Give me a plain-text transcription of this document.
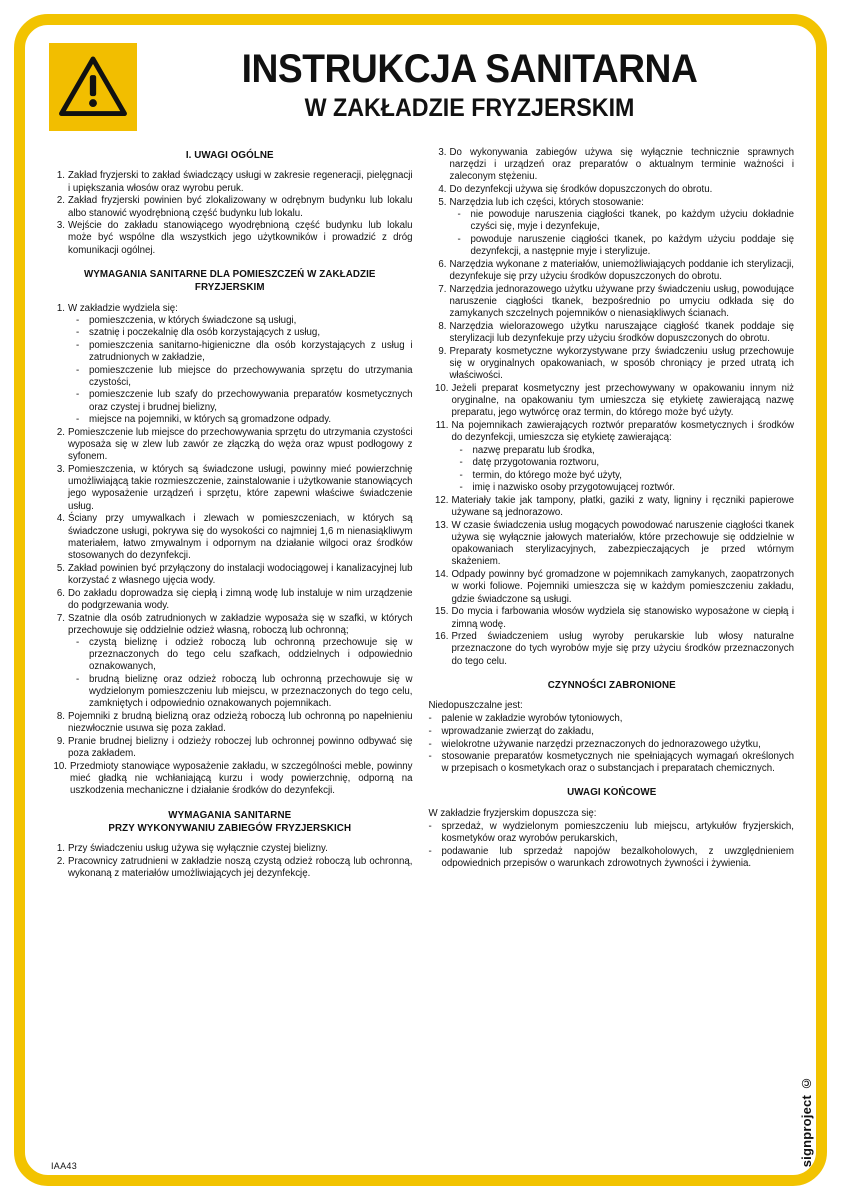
INSTRUKCJA SANITARNA
W ZAKŁADZIE FRYZJERSKIM
I. UWAGI OGÓLNE
1. Zakład fryzjerski to zakład świadczący usługi w zakresie regeneracji, pielęgnacji i upiększania włosów oraz wyrobu peruk.
2. Zakład fryzjerski powinien być zlokalizowany w odrębnym budynku lub lokalu albo stanowić wyodrębnioną część budynku lub lokalu.
3. Wejście do zakładu stanowiącego wyodrębnioną część budynku lub lokalu może być wspólne dla wszystkich jego użytkowników i prowadzić z dróg komunikacji ogólnej.
WYMAGANIA SANITARNE DLA POMIESZCZEŃ W ZAKŁADZIE FRYZJERSKIM
1. W zakładzie wydziela się:
- pomieszczenia, w których świadczone są usługi,
- szatnię i poczekalnię dla osób korzystających z usług,
- pomieszczenia sanitarno-higieniczne dla osób korzystających z usług i zatrudnionych w zakładzie,
- pomieszczenie lub miejsce do przechowywania sprzętu do utrzymania czystości,
- pomieszczenie lub szafy do przechowywania preparatów kosmetycznych oraz czystej i brudnej bielizny,
- miejsce na pojemniki, w których są gromadzone odpady.
2. Pomieszczenie lub miejsce do przechowywania sprzętu do utrzymania czystości wyposaża się w zlew lub zawór ze złączką do węża oraz wpust podłogowy z syfonem.
3. Pomieszczenia, w których są świadczone usługi, powinny mieć powierzchnię umożliwiającą takie rozmieszczenie, zainstalowanie i użytkowanie stanowiących jego wyposażenie urządzeń i sprzętu, które zapewni właściwe świadczenie usług.
4. Ściany przy umywalkach i zlewach w pomieszczeniach, w których są świadczone usługi, pokrywa się do wysokości co najmniej 1,6 m nienasiąkliwym materiałem, łatwo zmywalnym i odpornym na działanie wilgoci oraz środków stosowanych do dezynfekcji.
5. Zakład powinien być przyłączony do instalacji wodociągowej i kanalizacyjnej lub korzystać z własnego ujęcia wody.
6. Do zakładu doprowadza się ciepłą i zimną wodę lub instaluje w nim urządzenie do podgrzewania wody.
7. Szatnie dla osób zatrudnionych w zakładzie wyposaża się w szafki, w których przechowuje się oddzielnie odzież własną, roboczą lub ochronną;
- czystą bieliznę i odzież roboczą lub ochronną przechowuje się w przeznaczonych do tego celu szafkach, oddzielnych i odpowiednio oznakowanych,
- brudną bieliznę oraz odzież roboczą lub ochronną przechowuje się w wydzielonym pomieszczeniu lub miejscu, w przeznaczonych do tego celu, zamkniętych i odpowiednio oznakowanych pojemnikach.
8. Pojemniki z brudną bielizną oraz odzieżą roboczą lub ochronną po napełnieniu niezwłocznie usuwa się poza zakład.
9. Pranie brudnej bielizny i odzieży roboczej lub ochronnej powinno odbywać się poza zakładem.
10. Przedmioty stanowiące wyposażenie zakładu, w szczególności meble, powinny mieć gładką nie wchłaniającą kurzu i wody powierzchnię, odporną na uszkodzenia mechaniczne i działanie środków do dezynfekcji.
WYMAGANIA SANITARNE
PRZY WYKONYWANIU ZABIEGÓW FRYZJERSKICH
1. Przy świadczeniu usług używa się wyłącznie czystej bielizny.
2. Pracownicy zatrudnieni w zakładzie noszą czystą odzież roboczą lub ochronną, wykonaną z materiałów umożliwiających jej dezynfekcję.
3. Do wykonywania zabiegów używa się wyłącznie technicznie sprawnych narzędzi i urządzeń oraz preparatów o aktualnym terminie ważności i zaleconym stężeniu.
4. Do dezynfekcji używa się środków dopuszczonych do obrotu.
5. Narzędzia lub ich części, których stosowanie:
- nie powoduje naruszenia ciągłości tkanek, po każdym użyciu dokładnie czyści się, myje i dezynfekuje,
- powoduje naruszenie ciągłości tkanek, po każdym użyciu poddaje się dezynfekcji, a następnie myje i sterylizuje.
6. Narzędzia wykonane z materiałów, uniemożliwiających poddanie ich sterylizacji, dezynfekuje się przy użyciu środków dopuszczonych do obrotu.
7. Narzędzia jednorazowego użytku używane przy świadczeniu usług, powodujące naruszenie ciągłości tkanek, bezpośrednio po umyciu odkłada się do zamykanych szczelnych pojemników o nienasiąkliwych ścianach.
8. Narzędzia wielorazowego użytku naruszające ciągłość tkanek poddaje się sterylizacji lub dezynfekuje przy użyciu środków dopuszczonych do obrotu.
9. Preparaty kosmetyczne wykorzystywane przy świadczeniu usług przechowuje się w oryginalnych opakowaniach, w sposób chroniący je przed utratą ich właściwości.
10. Jeżeli preparat kosmetyczny jest przechowywany w opakowaniu innym niż oryginalne, na opakowaniu tym umieszcza się etykietę zawierającą nazwę preparatu, jego wytwórcę oraz termin, do którego może być użyty.
11. Na pojemnikach zawierających roztwór preparatów kosmetycznych i środków do dezynfekcji, umieszcza się etykietę zawierającą:
- nazwę preparatu lub środka,
- datę przygotowania roztworu,
- termin, do którego może być użyty,
- imię i nazwisko osoby przygotowującej roztwór.
12. Materiały takie jak tampony, płatki, gaziki z waty, ligniny i ręczniki papierowe używane są jednorazowo.
13. W czasie świadczenia usług mogących powodować naruszenie ciągłości tkanek używa się wyłącznie jałowych materiałów, które przechowuje się oddzielnie w opakowaniach sterylizacyjnych, zabezpieczających je przed wtórnym skażeniem.
14. Odpady powinny być gromadzone w pojemnikach zamykanych, zaopatrzonych w worki foliowe. Pojemniki umieszcza się w każdym pomieszczeniu zakładu, gdzie świadczone są usługi.
15. Do mycia i farbowania włosów wydziela się stanowisko wyposażone w ciepłą i zimną wodę.
16. Przed świadczeniem usług wyroby perukarskie lub włosy naturalne przeznaczone do tych wyrobów myje się przy użyciu środków przeznaczonych do tego celu.
CZYNNOŚCI ZABRONIONE
Niedopuszczalne jest:
- palenie w zakładzie wyrobów tytoniowych,
- wprowadzanie zwierząt do zakładu,
- wielokrotne używanie narzędzi przeznaczonych do jednorazowego użytku,
- stosowanie preparatów kosmetycznych nie spełniających wymagań określonych w przepisach o kosmetykach oraz o substancjach i preparatach chemicznych.
UWAGI KOŃCOWE
W zakładzie fryzjerskim dopuszcza się:
- sprzedaż, w wydzielonym pomieszczeniu lub miejscu, artykułów fryzjerskich, kosmetyków oraz wyrobów perukarskich,
- podawanie lub sprzedaż napojów bezalkoholowych, z uwzględnieniem odpowiednich przepisów o warunkach zdrowotnych żywności i żywienia.
IAA43	signproject ©
